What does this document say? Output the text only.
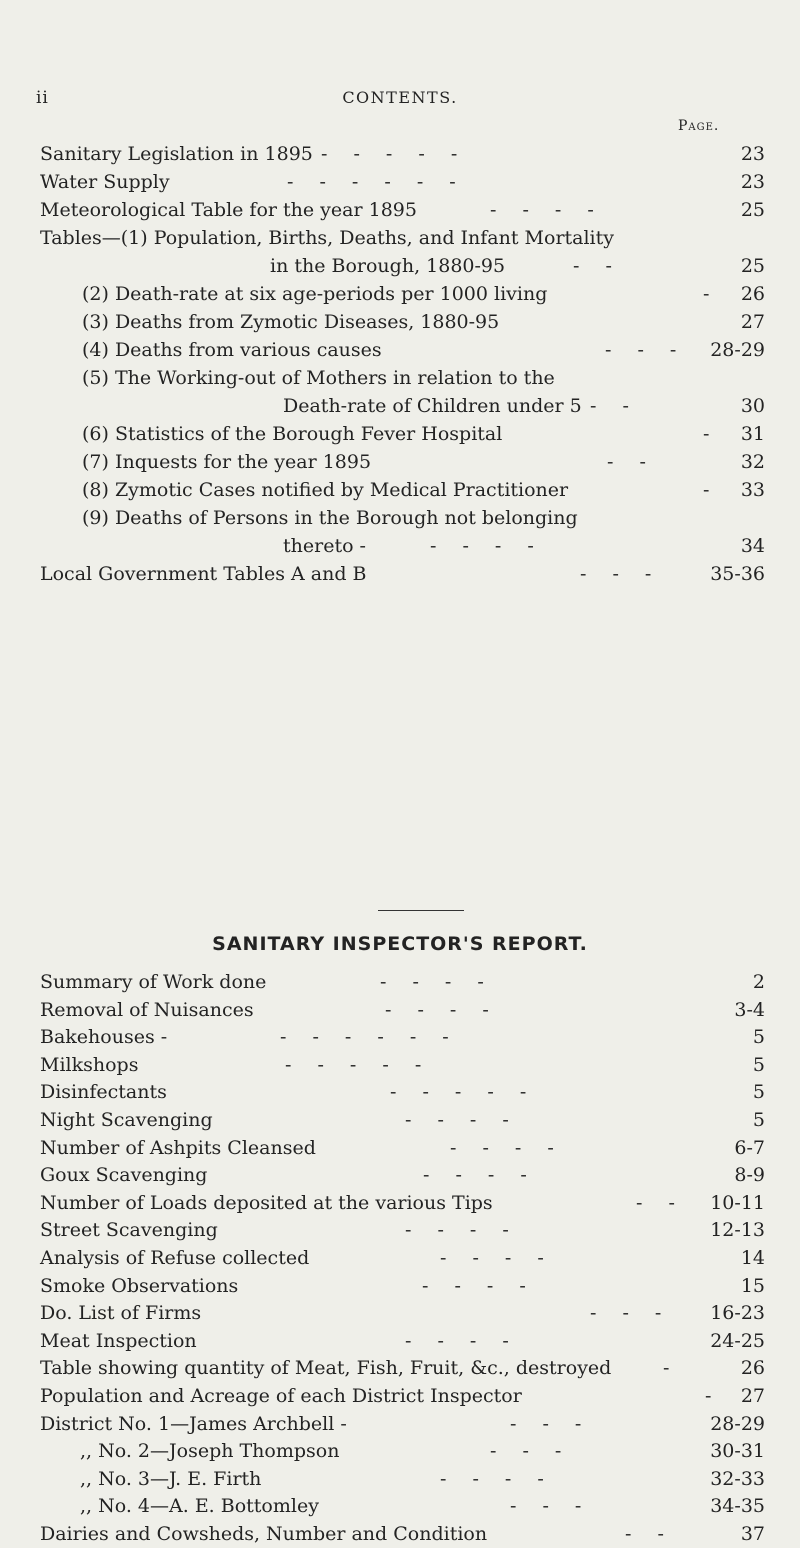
ii	CONTENTS.
Page.
Sanitary Legislation in 1895 - - - - -	23
Water Supply	- - - - - -	23
Meteorological Table for the year 1895	- - - -	25
Tables—(1) Population, Births, Deaths, and Infant Mortality
in the Borough, 1880-95	- -	25
(2) Death-rate at six age-periods per 1000 living	- 26
(3) Deaths from Zymotic Diseases, 1880-95	27
(4) Deaths from various causes	- - - 28-29
(5) The Working-out of Mothers in relation to the
Death-rate of Children under 5 - -	30
(6) Statistics of the Borough Fever Hospital	- 31
(7) Inquests for the year 1895	- -	32
(8) Zymotic Cases notified by Medical Practitioner	- 33
(9) Deaths of Persons in the Borough not belonging
thereto -	- - - -	34
Local Government Tables A and B	- - -	35-36
SANITARY INSPECTOR'S REPORT.
Summary of Work done	- - - -	2
Removal of Nuisances	- - - -	3-4
Bakehouses -	- - - - - -	5
Milkshops	- - - - -	5
Disinfectants	- - - - -	5
Night Scavenging	- - - -	5
Number of Ashpits Cleansed	- - - -	6-7
Goux Scavenging	- - - -	8-9
Number of Loads deposited at the various Tips	- - 10-11
Street Scavenging	- - - -	12-13
Analysis of Refuse collected	- - - -	14
Smoke Observations	- - - -	15
Do. List of Firms	- - - 16-23
Meat Inspection	- - - -	24-25
Table showing quantity of Meat, Fish, Fruit, &c., destroyed	-	26
Population and Acreage of each District Inspector	- 27
District No. 1—James Archbell -	- - -	28-29
,, No. 2—Joseph Thompson	- - -	30-31
,, No. 3—J. E. Firth	- - - -	32-33
,, No. 4—A. E. Bottomley	- - -	34-35
Dairies and Cowsheds, Number and Condition	- -	37
